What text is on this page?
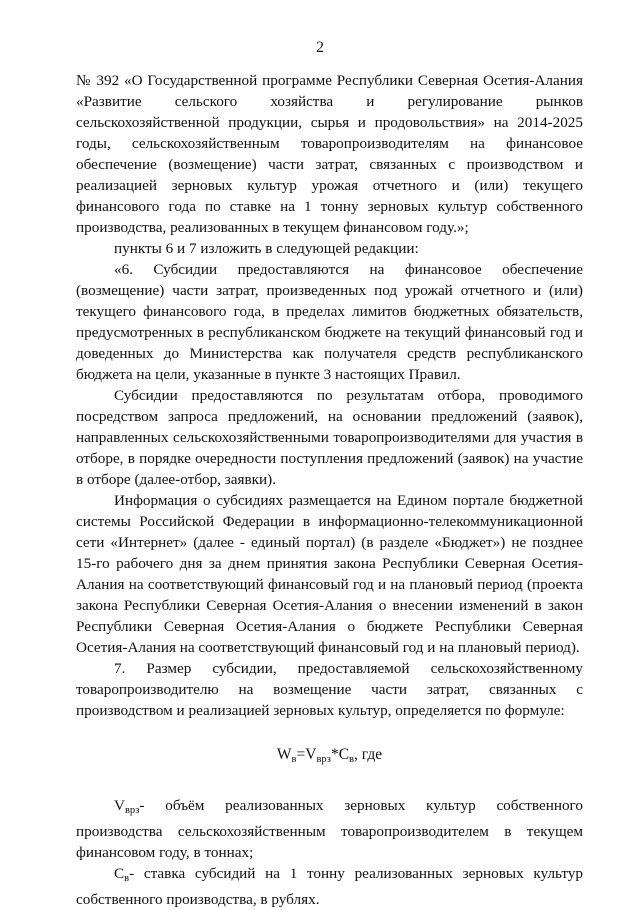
2

№ 392 «О Государственной программе Республики Северная Осетия-Алания «Развитие сельского хозяйства и регулирование рынков сельскохозяйственной продукции, сырья и продовольствия» на 2014-2025 годы, сельскохозяйственным товаропроизводителям на финансовое обеспечение (возмещение) части затрат, связанных с производством и реализацией зерновых культур урожая отчетного и (или) текущего финансового года по ставке на 1 тонну зерновых культур собственного производства, реализованных в текущем финансовом году.»;

пункты 6 и 7 изложить в следующей редакции:

«6. Субсидии предоставляются на финансовое обеспечение (возмещение) части затрат, произведенных под урожай отчетного и (или) текущего финансового года, в пределах лимитов бюджетных обязательств, предусмотренных в республиканском бюджете на текущий финансовый год и доведенных до Министерства как получателя средств республиканского бюджета на цели, указанные в пункте 3 настоящих Правил.

Субсидии предоставляются по результатам отбора, проводимого посредством запроса предложений, на основании предложений (заявок), направленных сельскохозяйственными товаропроизводителями для участия в отборе, в порядке очередности поступления предложений (заявок) на участие в отборе (далее-отбор, заявки).

Информация о субсидиях размещается на Едином портале бюджетной системы Российской Федерации в информационно-телекоммуникационной сети «Интернет» (далее - единый портал) (в разделе «Бюджет») не позднее 15-го рабочего дня за днем принятия закона Республики Северная Осетия-Алания на соответствующий финансовый год и на плановый период (проекта закона Республики Северная Осетия-Алания о внесении изменений в закон Республики Северная Осетия-Алания о бюджете Республики Северная Осетия-Алания на соответствующий финансовый год и на плановый период).

7. Размер субсидии, предоставляемой сельскохозяйственному товаропроизводителю на возмещение части затрат, связанных с производством и реализацией зерновых культур, определяется по формуле:

$W_в=V_{врз}*C_в$, где

$V_{врз}-$ объём реализованных зерновых культур собственного производства сельскохозяйственным товаропроизводителем в текущем финансовом году, в тоннах;

$C_в-$ ставка субсидий на 1 тонну реализованных зерновых культур собственного производства, в рублях.
